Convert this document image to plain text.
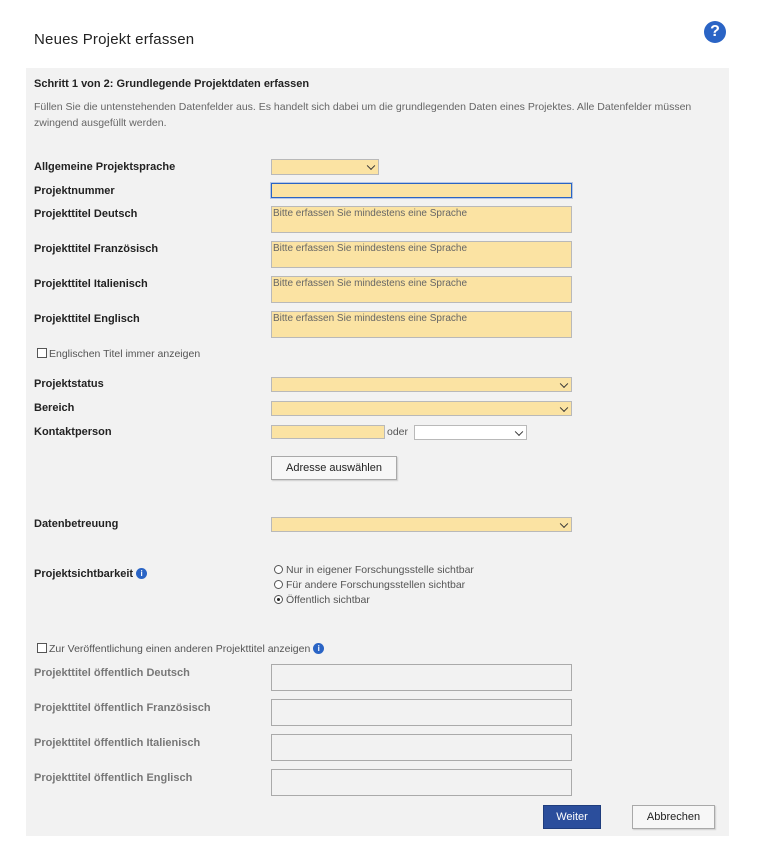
Neues Projekt erfassen	?
Schritt 1 von 2: Grundlegende Projektdaten erfassen
Füllen Sie die untenstehenden Datenfelder aus. Es handelt sich dabei um die grundlegenden Daten eines Projektes. Alle Datenfelder müssen zwingend ausgefüllt werden.
Allgemeine Projektsprache
Projektnummer
Projekttitel Deutsch	Bitte erfassen Sie mindestens eine Sprache
Projekttitel Französisch	Bitte erfassen Sie mindestens eine Sprache
Projekttitel Italienisch	Bitte erfassen Sie mindestens eine Sprache
Projekttitel Englisch	Bitte erfassen Sie mindestens eine Sprache
Englischen Titel immer anzeigen
Projektstatus
Bereich
Kontaktperson	oder
Adresse auswählen
Datenbetreuung
Projektsichtbarkeit i	Nur in eigener Forschungsstelle sichtbar
Für andere Forschungsstellen sichtbar
Öffentlich sichtbar
Zur Veröffentlichung einen anderen Projekttitel anzeigen i
Projekttitel öffentlich Deutsch
Projekttitel öffentlich Französisch
Projekttitel öffentlich Italienisch
Projekttitel öffentlich Englisch
Weiter	Abbrechen
